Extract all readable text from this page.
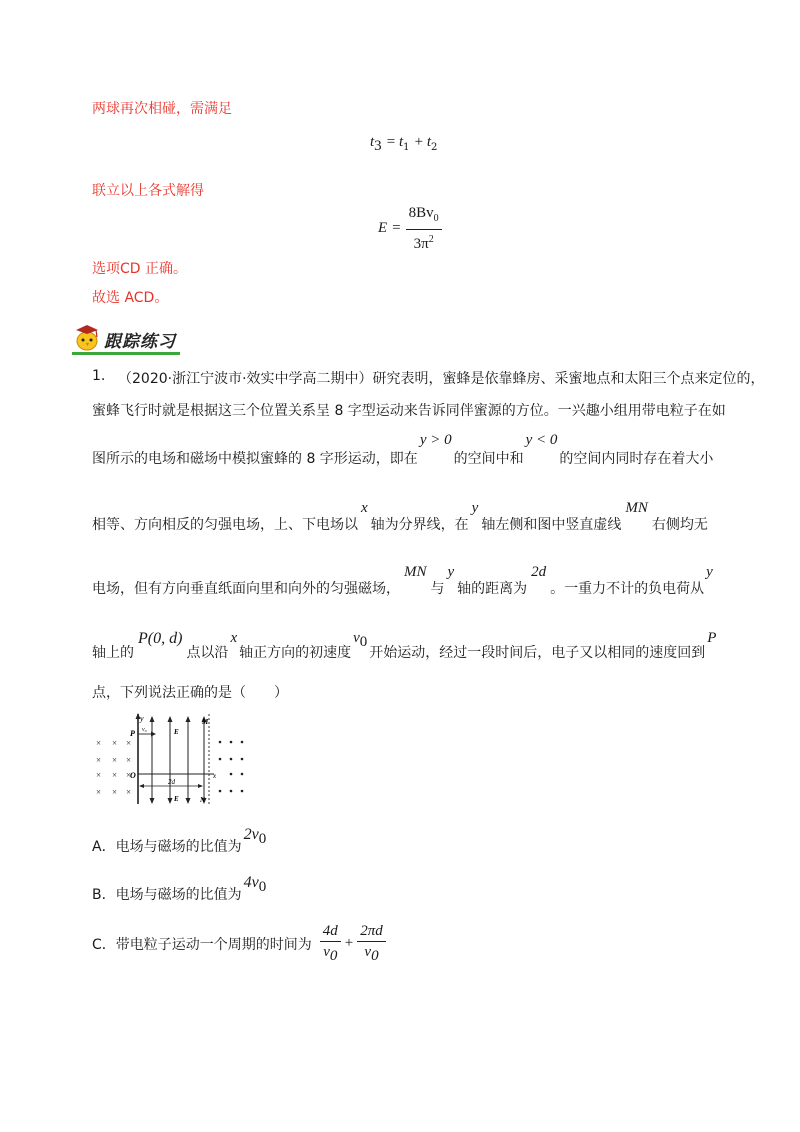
两球再次相碰，需满足
$t_3 = t_1 + t_2$
联立以上各式解得
$E = \frac{8Bv_0}{3\pi^2}$
选项CD 正确。
故选 ACD。
跟踪练习
1. （2020·浙江宁波市·效实中学高二期中）研究表明，蜜蜂是依靠蜂房、采蜜地点和太阳三个点来定位的，
蜜蜂飞行时就是根据这三个位置关系呈 8 字型运动来告诉同伴蜜源的方位。一兴趣小组用带电粒子在如
图所示的电场和磁场中模拟蜜蜂的 8 字形运动，即在
y > 0
的空间中和
y < 0
的空间内同时存在着大小
相等、方向相反的匀强电场，上、下电场以
x
轴为分界线，在
y
轴左侧和图中竖直虚线
MN
右侧均无
电场，但有方向垂直纸面向里和向外的匀强磁场，
MN
与
y
轴的距离为
2d
。一重力不计的负电荷从
y
轴上的
P(0, d)
点以沿
x
轴正方向的初速度
$v_0$
开始运动，经过一段时间后，电子又以相同的速度回到
P
点，下列说法正确的是（　　）
× × ×
× × ×
× × ×
× × ×
y
v₀
P	E
M
O	x
2d
E	N
A．电场与磁场的比值为
$2v_0$
B．电场与磁场的比值为
$4v_0$
C．带电粒子运动一个周期的时间为 $\frac{4d}{v_0} + \frac{2\pi d}{v_0}$
